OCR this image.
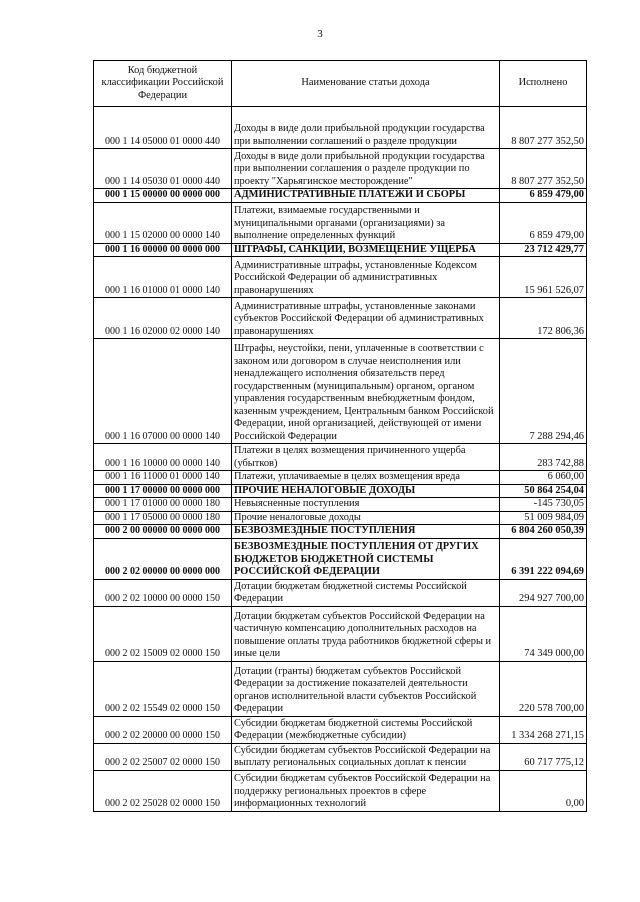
3
Код бюджетной классификации Российской Федерации	Наименование статьи дохода	Исполнено
000 1 14 05000 01 0000 440	Доходы в виде доли прибыльной продукции государства при выполнении соглашений о разделе продукции	8 807 277 352,50
000 1 14 05030 01 0000 440	Доходы в виде доли прибыльной продукции государства при выполнении соглашения о разделе продукции по проекту "Харьягинское месторождение"	8 807 277 352,50
000 1 15 00000 00 0000 000	АДМИНИСТРАТИВНЫЕ ПЛАТЕЖИ И СБОРЫ	6 859 479,00
000 1 15 02000 00 0000 140	Платежи, взимаемые государственными и муниципальными органами (организациями) за выполнение определенных функций	6 859 479,00
000 1 16 00000 00 0000 000	ШТРАФЫ, САНКЦИИ, ВОЗМЕЩЕНИЕ УЩЕРБА	23 712 429,77
000 1 16 01000 01 0000 140	Административные штрафы, установленные Кодексом Российской Федерации об административных правонарушениях	15 961 526,07
000 1 16 02000 02 0000 140	Административные штрафы, установленные законами субъектов Российской Федерации об административных правонарушениях	172 806,36
000 1 16 07000 00 0000 140	Штрафы, неустойки, пени, уплаченные в соответствии с законом или договором в случае неисполнения или ненадлежащего исполнения обязательств перед государственным (муниципальным) органом, органом управления государственным внебюджетным фондом, казенным учреждением, Центральным банком Российской Федерации, иной организацией, действующей от имени Российской Федерации	7 288 294,46
000 1 16 10000 00 0000 140	Платежи в целях возмещения причиненного ущерба (убытков)	283 742,88
000 1 16 11000 01 0000 140	Платежи, уплачиваемые в целях возмещения вреда	6 060,00
000 1 17 00000 00 0000 000	ПРОЧИЕ НЕНАЛОГОВЫЕ ДОХОДЫ	50 864 254,04
000 1 17 01000 00 0000 180	Невыясненные поступления	-145 730,05
000 1 17 05000 00 0000 180	Прочие неналоговые доходы	51 009 984,09
000 2 00 00000 00 0000 000	БЕЗВОЗМЕЗДНЫЕ ПОСТУПЛЕНИЯ	6 804 260 050,39
000 2 02 00000 00 0000 000	БЕЗВОЗМЕЗДНЫЕ ПОСТУПЛЕНИЯ ОТ ДРУГИХ БЮДЖЕТОВ БЮДЖЕТНОЙ СИСТЕМЫ РОССИЙСКОЙ ФЕДЕРАЦИИ	6 391 222 094,69
000 2 02 10000 00 0000 150	Дотации бюджетам бюджетной системы Российской Федерации	294 927 700,00
000 2 02 15009 02 0000 150	Дотации бюджетам субъектов Российской Федерации на частичную компенсацию дополнительных расходов на повышение оплаты труда работников бюджетной сферы и иные цели	74 349 000,00
000 2 02 15549 02 0000 150	Дотации (гранты) бюджетам субъектов Российской Федерации за достижение показателей деятельности органов исполнительной власти субъектов Российской Федерации	220 578 700,00
000 2 02 20000 00 0000 150	Субсидии бюджетам бюджетной системы Российской Федерации (межбюджетные субсидии)	1 334 268 271,15
000 2 02 25007 02 0000 150	Субсидии бюджетам субъектов Российской Федерации на выплату региональных социальных доплат к пенсии	60 717 775,12
000 2 02 25028 02 0000 150	Субсидии бюджетам субъектов Российской Федерации на поддержку региональных проектов в сфере информационных технологий	0,00
